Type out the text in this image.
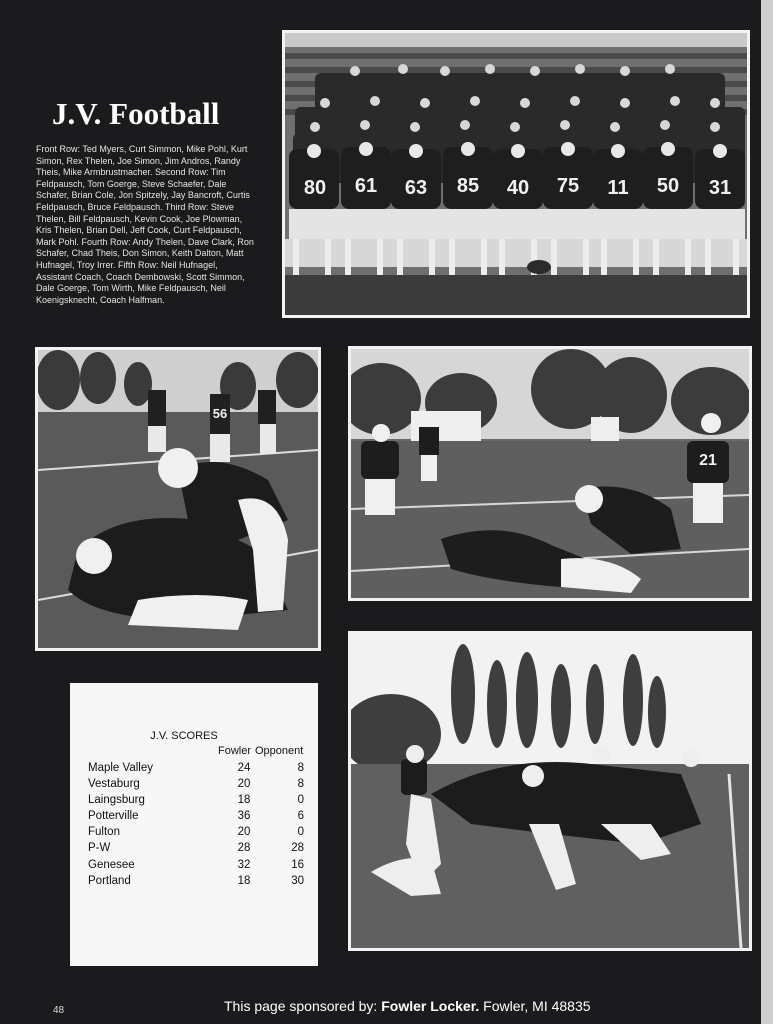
J.V. Football

Front Row: Ted Myers, Curt Simmon, Mike Pohl, Kurt Simon, Rex Thelen, Joe Simon, Jim Andros, Randy Theis, Mike Armbrustmacher. Second Row: Tim Feldpausch, Tom Goerge, Steve Schaefer, Dale Schafer, Brian Cole, Jon Spitzely, Jay Bancroft, Curtis Feldpausch, Bruce Feldpausch. Third Row: Steve Thelen, Bill Feldpausch, Kevin Cook, Joe Plowman, Kris Thelen, Brian Dell, Jeff Cook, Curt Feldpausch, Mark Pohl. Fourth Row: Andy Thelen, Dave Clark, Ron Schafer, Chad Theis, Don Simon, Keith Dalton, Matt Hufnagel, Troy Irrer. Fifth Row: Neil Hufnagel, Assistant Coach, Coach Dembowski, Scott Simmon, Dale Goerge, Tom Wirth, Mike Feldpausch, Neil Koenigsknecht, Coach Halfman.

80 61 63 85 40 75 11 50 31
56
21
J.V. SCORES
Fowler Opponent
Maple Valley	24	8
Vestaburg	20	8
Laingsburg	18	0
Potterville	36	6
Fulton	20	0
P-W	28	28
Genesee	32	16
Portland	18	30
48	This page sponsored by: Fowler Locker. Fowler, MI 48835
